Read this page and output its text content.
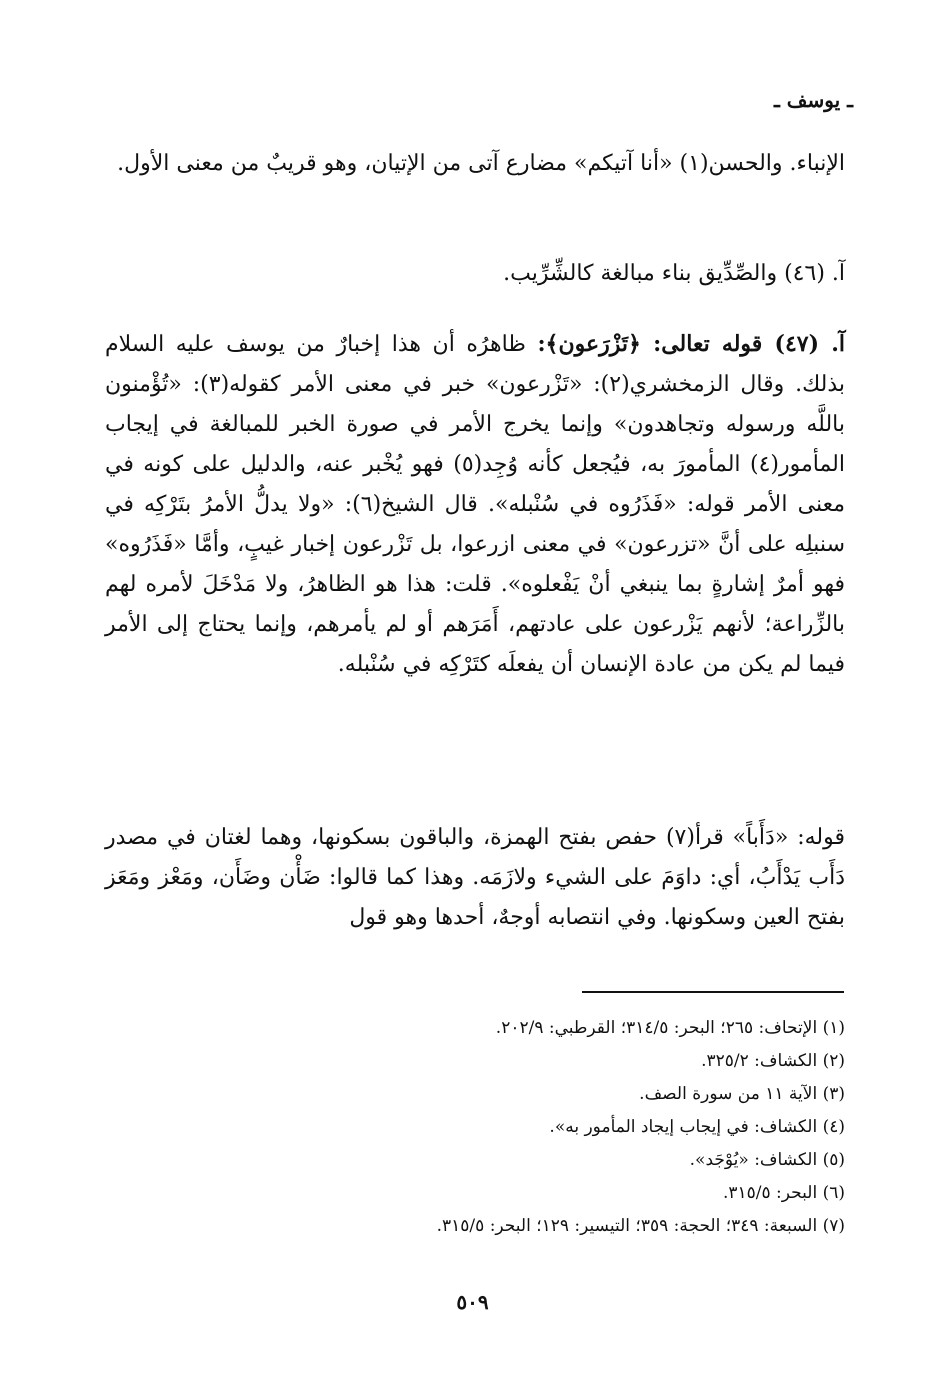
ـ يوسف ـ
الإنباء. والحسن(١) «أنا آتيكم» مضارع آتى من الإتيان، وهو قريبٌ من معنى الأول.
آ. (٤٦) والصِّدِّيق بناء مبالغة كالشِّرِّيب.
آ. (٤٧) قوله تعالى: ﴿تَزْرَعون﴾: ظاهرُه أن هذا إخبارٌ من يوسف عليه السلام بذلك. وقال الزمخشري(٢): «تَزْرعون» خبر في معنى الأمر كقوله(٣): «تُؤْمنون باللَّه ورسوله وتجاهدون» وإنما يخرج الأمر في صورة الخبر للمبالغة في إيجاب المأمور(٤) المأمورَ به، فيُجعل كأنه وُجِد(٥) فهو يُخْبر عنه، والدليل على كونه في معنى الأمر قوله: «فَذَرُوه في سُنْبله». قال الشيخ(٦): «ولا يدلُّ الأمرُ بتَرْكِه في سنبلِه على أنَّ «تزرعون» في معنى ازرعوا، بل تَزْرعون إخبار غيبٍ، وأمَّا «فَذَرُوه» فهو أمرٌ إشارةٍ بما ينبغي أنْ يَفْعلوه». قلت: هذا هو الظاهرُ، ولا مَدْخَلَ لأمره لهم بالزِّراعة؛ لأنهم يَزْرعون على عادتهم، أَمَرَهم أو لم يأمرهم، وإنما يحتاج إلى الأمر فيما لم يكن من عادة الإنسان أن يفعلَه كتَرْكِه في سُنْبله.
قوله: «دَأَباً» قرأ(٧) حفص بفتح الهمزة، والباقون بسكونها، وهما لغتان في مصدر دَأَب يَدْأَبُ، أي: داوَمَ على الشيء ولازَمَه. وهذا كما قالوا: ضَأْن وضَأَن، ومَعْز ومَعَز بفتح العين وسكونها. وفي انتصابه أوجهٌ، أحدها وهو قول
(١) الإتحاف: ٢٦٥؛ البحر: ٣١٤/٥؛ القرطبي: ٢٠٢/٩.
(٢) الكشاف: ٣٢٥/٢.
(٣) الآية ١١ من سورة الصف.
(٤) الكشاف: في إيجاب إيجاد المأمور به».
(٥) الكشاف: «يُوْجَد».
(٦) البحر: ٣١٥/٥.
(٧) السبعة: ٣٤٩؛ الحجة: ٣٥٩؛ التيسير: ١٢٩؛ البحر: ٣١٥/٥.
٥٠٩
